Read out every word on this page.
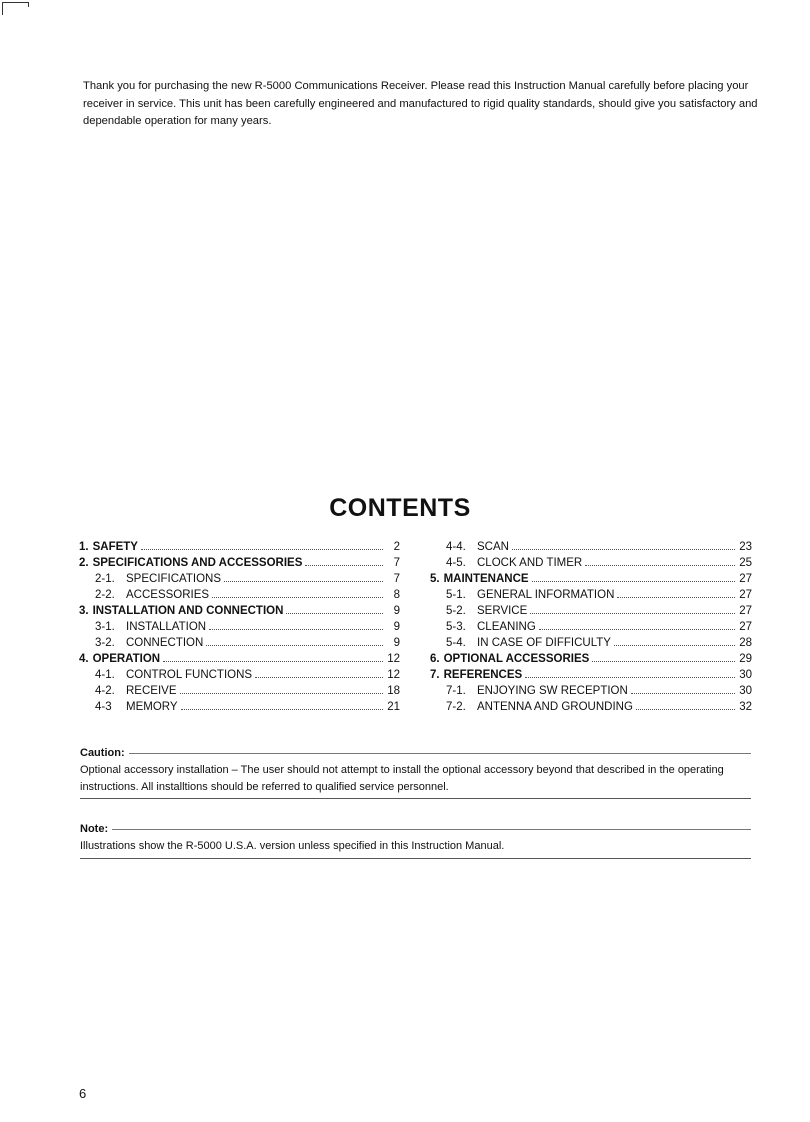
Thank you for purchasing the new R-5000 Communications Receiver. Please read this Instruction Manual carefully before placing your receiver in service. This unit has been carefully engineered and manufactured to rigid quality standards, should give you satisfactory and dependable operation for many years.

CONTENTS
1. SAFETY	2
2. SPECIFICATIONS AND ACCESSORIES	7
2-1. SPECIFICATIONS	7
2-2. ACCESSORIES	8
3. INSTALLATION AND CONNECTION	9
3-1. INSTALLATION	9
3-2. CONNECTION	9
4. OPERATION	12
4-1. CONTROL FUNCTIONS	12
4-2. RECEIVE	18
4-3	MEMORY	21
4-4. SCAN	23
4-5. CLOCK AND TIMER	25
5. MAINTENANCE	27
5-1. GENERAL INFORMATION	27
5-2. SERVICE	27
5-3. CLEANING	27
5-4. IN CASE OF DIFFICULTY	28
6. OPTIONAL ACCESSORIES	29
7. REFERENCES	30
7-1. ENJOYING SW RECEPTION	30
7-2. ANTENNA AND GROUNDING	32
Caution:
Optional accessory installation – The user should not attempt to install the optional accessory beyond that described in the operating instructions. All installtions should be referred to qualified service personnel.
Note:
Illustrations show the R-5000 U.S.A. version unless specified in this Instruction Manual.
6
